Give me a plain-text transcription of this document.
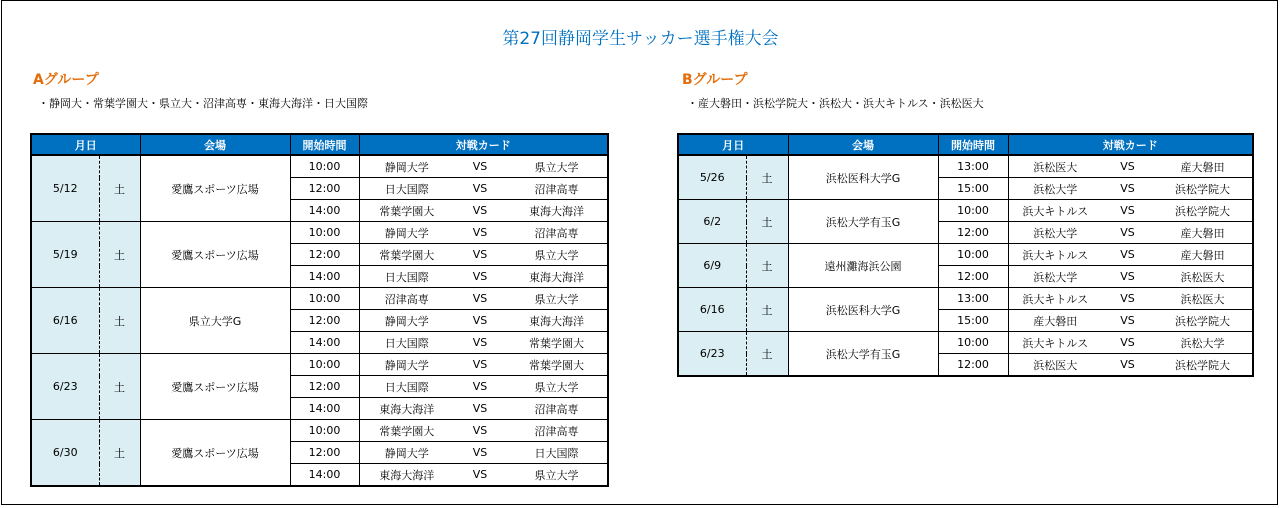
第27回静岡学生サッカー選手権大会
Aグループ
・静岡大・常葉学園大・県立大・沼津高専・東海大海洋・日大国際
Bグループ
・産大磐田・浜松学院大・浜松大・浜大キトルス・浜松医大
月日		会場	開始時間	対戦カード		
5/12	土	愛鷹スポーツ広場	10:00	静岡大学	VS	県立大学
			12:00	日大国際	VS	沼津高専
			14:00	常葉学園大	VS	東海大海洋
5/19	土	愛鷹スポーツ広場	10:00	静岡大学	VS	沼津高専
			12:00	常葉学園大	VS	県立大学
			14:00	日大国際	VS	東海大海洋
6/16	土	県立大学G	10:00	沼津高専	VS	県立大学
			12:00	静岡大学	VS	東海大海洋
			14:00	日大国際	VS	常葉学園大
6/23	土	愛鷹スポーツ広場	10:00	静岡大学	VS	常葉学園大
			12:00	日大国際	VS	県立大学
			14:00	東海大海洋	VS	沼津高専
6/30	土	愛鷹スポーツ広場	10:00	常葉学園大	VS	沼津高専
			12:00	静岡大学	VS	日大国際
			14:00	東海大海洋	VS	県立大学
月日		会場	開始時間	対戦カード		
5/26	土	浜松医科大学G	13:00	浜松医大	VS	産大磐田
			15:00	浜松大学	VS	浜松学院大
6/2	土	浜松大学有玉G	10:00	浜大キトルス	VS	浜松学院大
			12:00	浜松大学	VS	産大磐田
6/9	土	遠州灘海浜公園	10:00	浜大キトルス	VS	産大磐田
			12:00	浜松大学	VS	浜松医大
6/16	土	浜松医科大学G	13:00	浜大キトルス	VS	浜松医大
			15:00	産大磐田	VS	浜松学院大
6/23	土	浜松大学有玉G	10:00	浜大キトルス	VS	浜松大学
			12:00	浜松医大	VS	浜松学院大
